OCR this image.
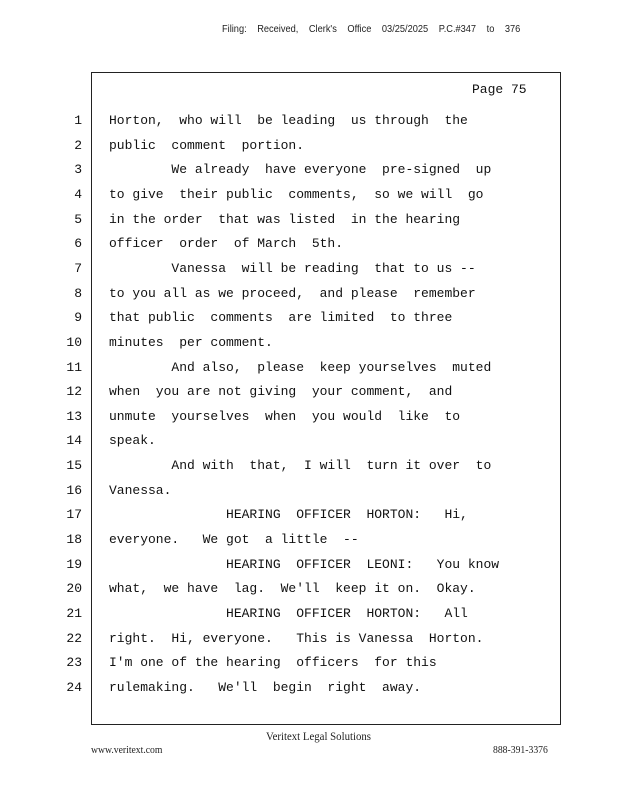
Filing: Received, Clerk's Office 03/25/2025 P.C.#347 to 376
Page 75
1 Horton,  who will  be leading  us through  the
2 public  comment  portion.
3 We already  have everyone  pre-signed  up
4 to give  their public  comments,  so we will  go
5 in the order  that was listed  in the hearing
6 officer  order  of March  5th.
7 Vanessa  will be reading  that to us --
8 to you all as we proceed,  and please  remember
9 that public  comments  are limited  to three
10 minutes  per comment.
11 And also,  please  keep yourselves  muted
12 when  you are not giving  your comment,  and
13 unmute  yourselves  when  you would  like  to
14 speak.
15 And with  that,  I will  turn it over  to
16 Vanessa.
17 HEARING  OFFICER  HORTON:   Hi,
18 everyone.   We got  a little  --
19 HEARING  OFFICER  LEONI:   You know
20 what,  we have  lag.  We'll  keep it on.  Okay.
21 HEARING  OFFICER  HORTON:   All
22 right.  Hi, everyone.   This is Vanessa  Horton.
23 I'm one of the hearing  officers  for this
24 rulemaking.   We'll  begin  right  away.
Veritext Legal Solutions
www.veritext.com	888-391-3376
